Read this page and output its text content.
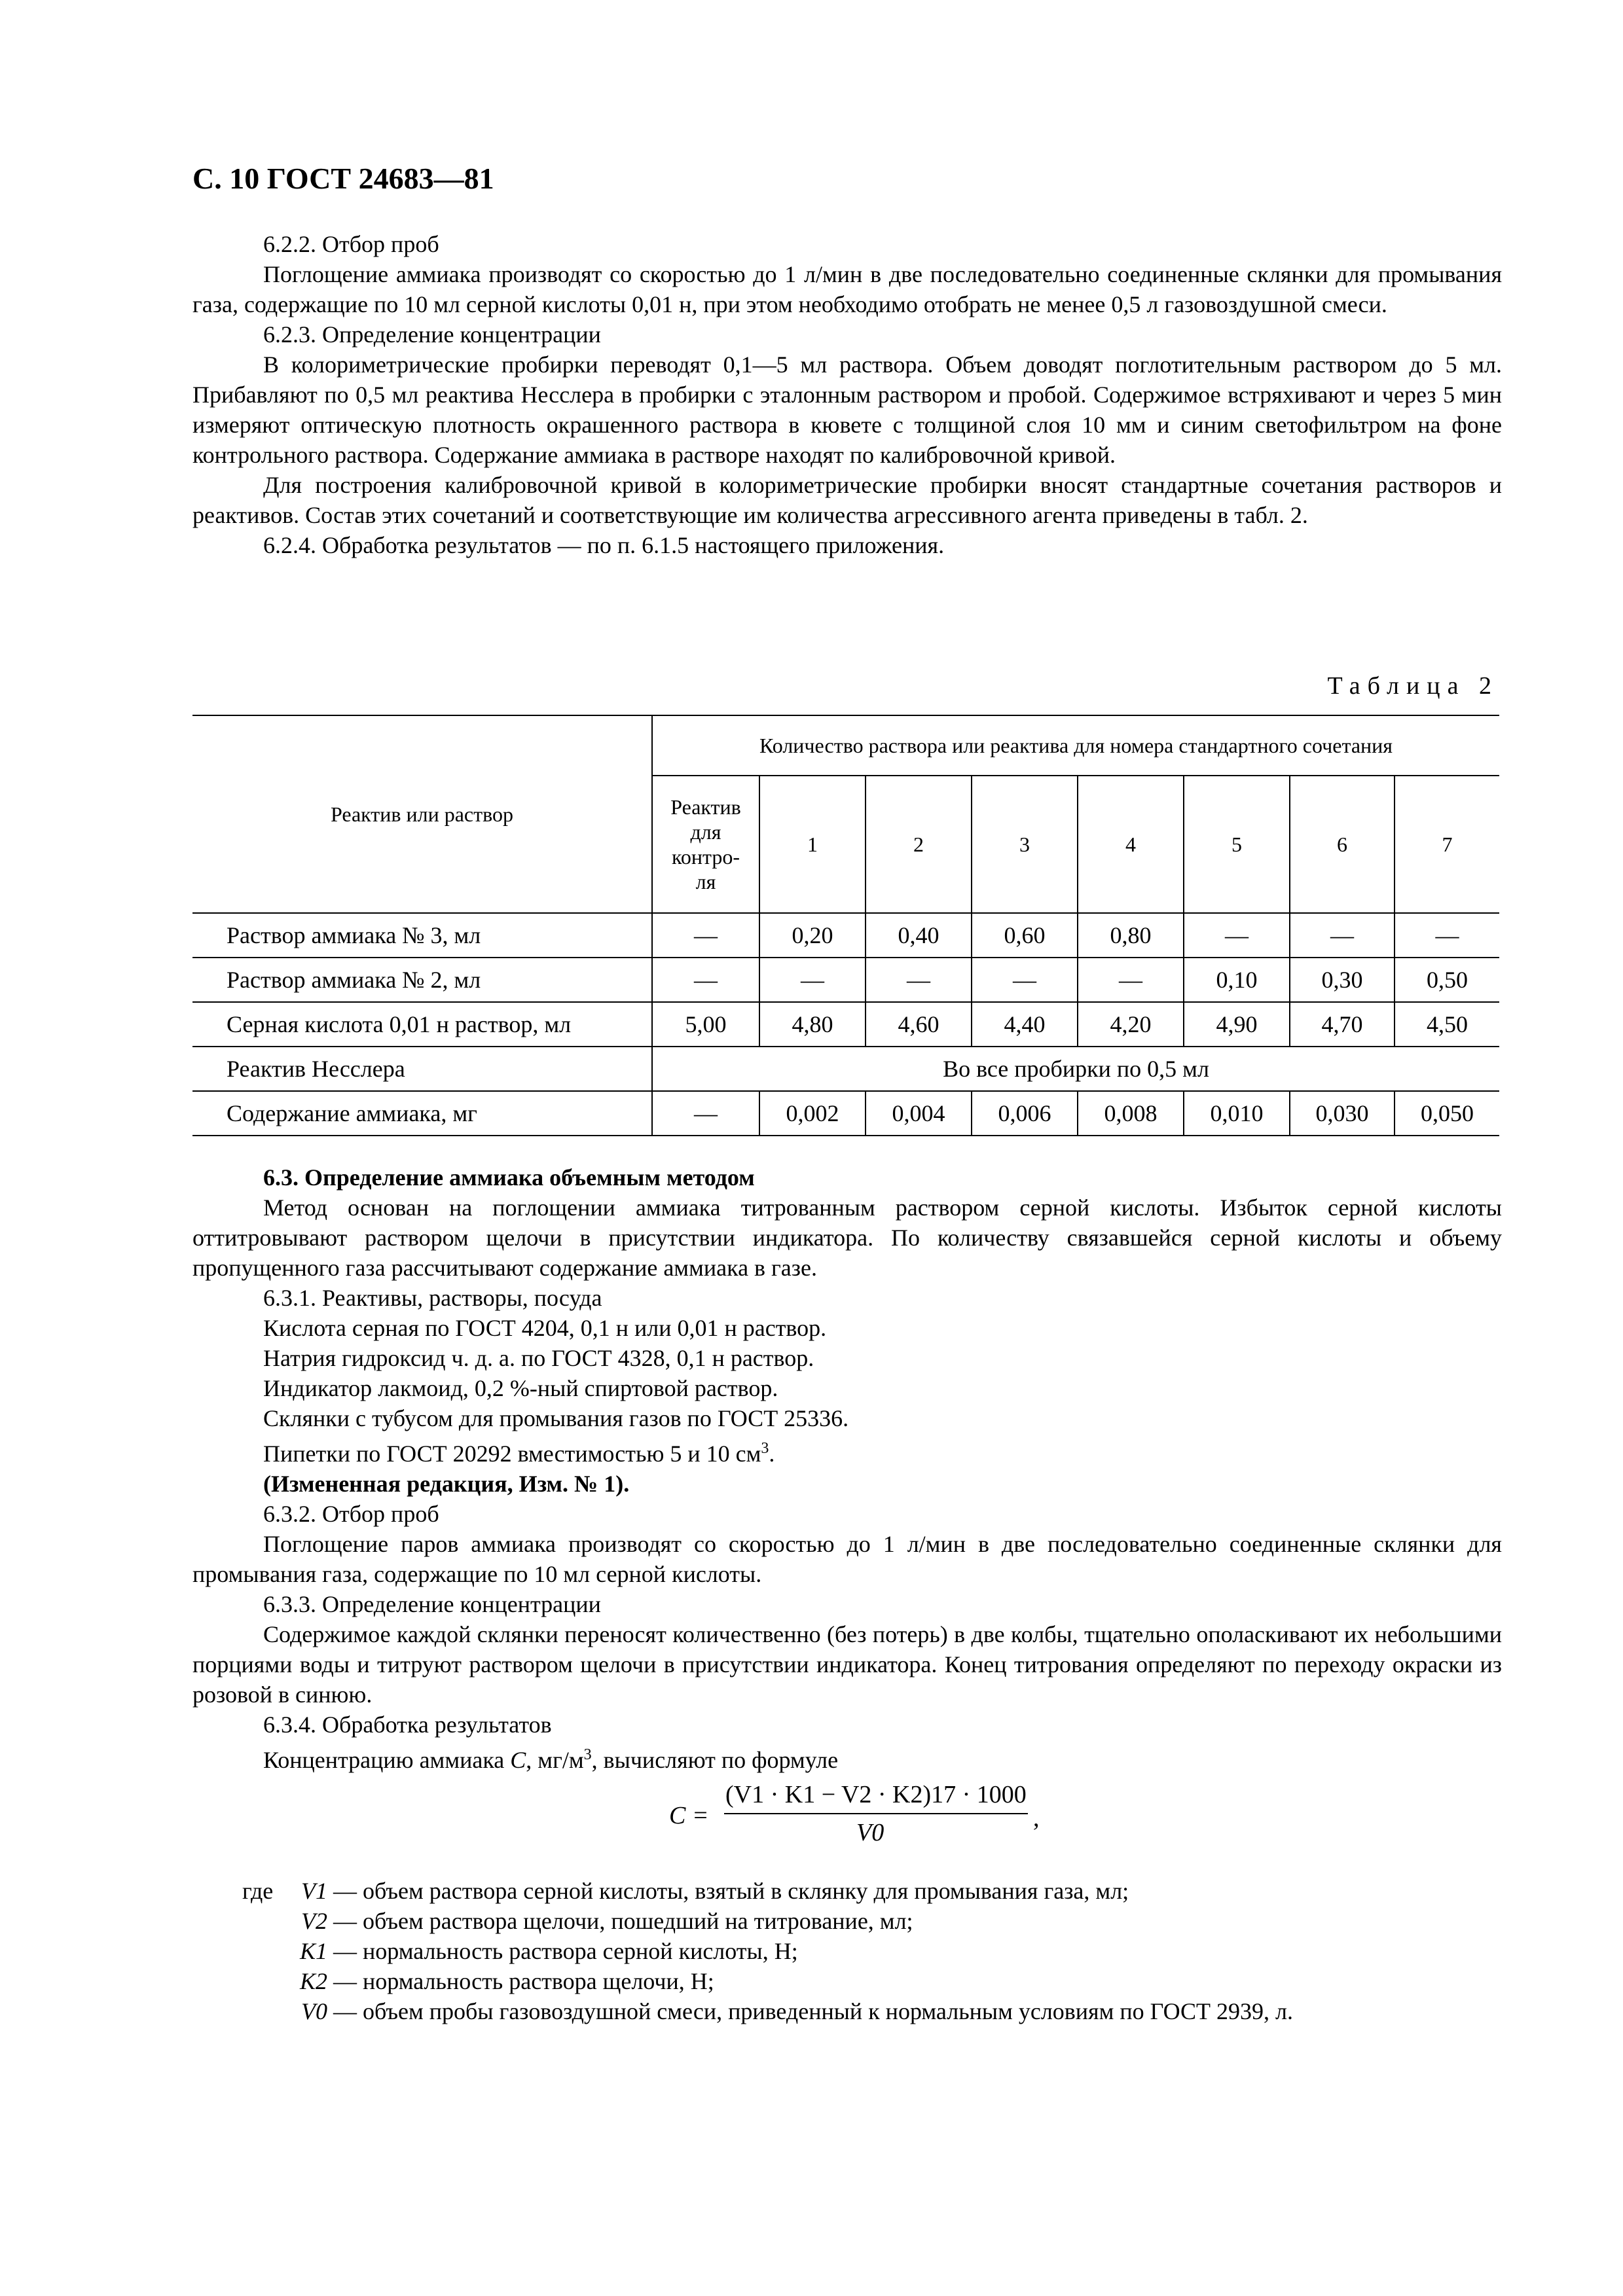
С. 10 ГОСТ 24683—81
6.2.2. Отбор проб
Поглощение аммиака производят со скоростью до 1 л/мин в две последовательно соединенные склянки для промывания газа, содержащие по 10 мл серной кислоты 0,01 н, при этом необходимо отобрать не менее 0,5 л газовоздушной смеси.
6.2.3. Определение концентрации
В колориметрические пробирки переводят 0,1—5 мл раствора. Объем доводят поглотительным раствором до 5 мл. Прибавляют по 0,5 мл реактива Несслера в пробирки с эталонным раствором и пробой. Содержимое встряхивают и через 5 мин измеряют оптическую плотность окрашенного раствора в кювете с толщиной слоя 10 мм и синим светофильтром на фоне контрольного раствора. Содержание аммиака в растворе находят по калибровочной кривой.
Для построения калибровочной кривой в колориметрические пробирки вносят стандартные сочетания растворов и реактивов. Состав этих сочетаний и соответствующие им количества агрессивного агента приведены в табл. 2.
6.2.4. Обработка результатов — по п. 6.1.5 настоящего приложения.
Таблица 2
Реактив или раствор	Количество раствора или реактива для номера стандартного сочетания							
	Реактив для контро- ля	1	2	3	4	5	6	7
Раствор аммиака № 3, мл	—	0,20	0,40	0,60	0,80	—	—	—
Раствор аммиака № 2, мл	—	—	—	—	—	0,10	0,30	0,50
Серная кислота 0,01 н раствор, мл	5,00	4,80	4,60	4,40	4,20	4,90	4,70	4,50
Реактив Несслера	Во все пробирки по 0,5 мл							
Содержание аммиака, мг	—	0,002	0,004	0,006	0,008	0,010	0,030	0,050
6.3. Определение аммиака объемным методом
Метод основан на поглощении аммиака титрованным раствором серной кислоты. Избыток серной кислоты оттитровывают раствором щелочи в присутствии индикатора. По количеству связавшейся серной кислоты и объему пропущенного газа рассчитывают содержание аммиака в газе.
6.3.1. Реактивы, растворы, посуда
Кислота серная по ГОСТ 4204, 0,1 н или 0,01 н раствор.
Натрия гидроксид ч. д. а. по ГОСТ 4328, 0,1 н раствор.
Индикатор лакмоид, 0,2 %-ный спиртовой раствор.
Склянки с тубусом для промывания газов по ГОСТ 25336.
Пипетки по ГОСТ 20292 вместимостью 5 и 10 $см^3$.
(Измененная редакция, Изм. № 1).
6.3.2. Отбор проб
Поглощение паров аммиака производят со скоростью до 1 л/мин в две последовательно соединенные склянки для промывания газа, содержащие по 10 мл серной кислоты.
6.3.3. Определение концентрации
Содержимое каждой склянки переносят количественно (без потерь) в две колбы, тщательно ополаскивают их небольшими порциями воды и титруют раствором щелочи в присутствии индикатора. Конец титрования определяют по переходу окраски из розовой в синюю.
6.3.4. Обработка результатов
Концентрацию аммиака C, $мг/м^3$, вычисляют по формуле
C =
(V1 · K1 − V2 · K2)17 · 1000
V0
,
где V1 — объем раствора серной кислоты, взятый в склянку для промывания газа, мл;
V2 — объем раствора щелочи, пошедший на титрование, мл;
K1 — нормальность раствора серной кислоты, Н;
K2 — нормальность раствора щелочи, Н;
V0 — объем пробы газовоздушной смеси, приведенный к нормальным условиям по ГОСТ 2939, л.
